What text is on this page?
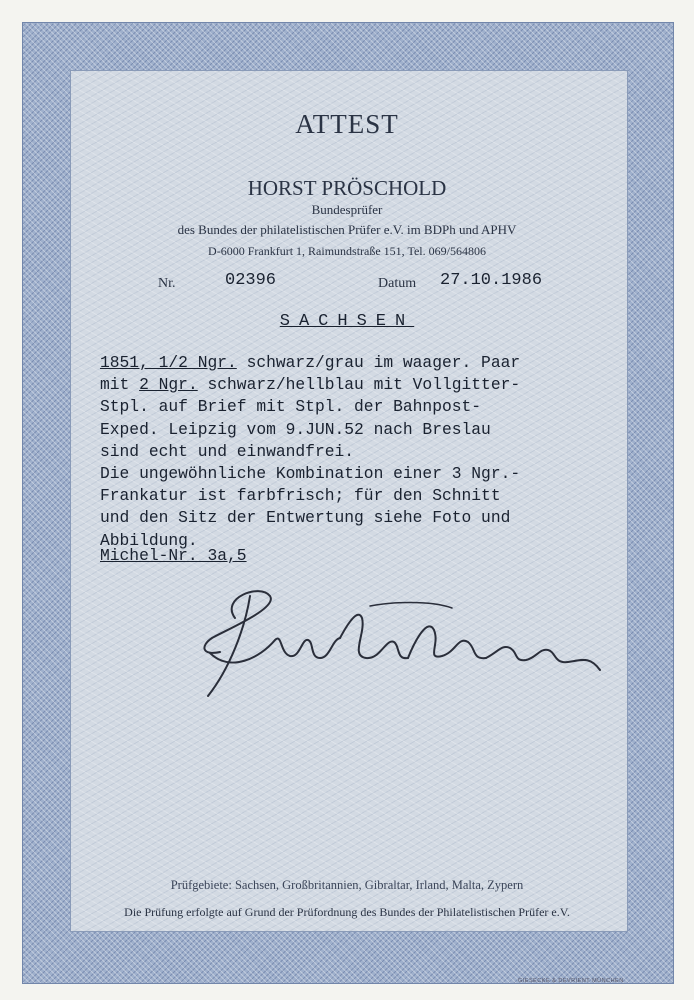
ATTEST
HORST PRÖSCHOLD
Bundesprüfer
des Bundes der philatelistischen Prüfer e.V. im BDPh und APHV
D-6000 Frankfurt 1, Raimundstraße 151, Tel. 069/564806
Nr.	02396	Datum 27.10.1986
SACHSEN
1851, 1/2 Ngr. schwarz/grau im waager. Paar
mit 2 Ngr. schwarz/hellblau mit Vollgitter-
Stpl. auf Brief mit Stpl. der Bahnpost-
Exped. Leipzig vom 9.JUN.52 nach Breslau
sind echt und einwandfrei.
Die ungewöhnliche Kombination einer 3 Ngr.-
Frankatur ist farbfrisch; für den Schnitt
und den Sitz der Entwertung siehe Foto und
Abbildung.
Michel-Nr. 3a,5
Prüfgebiete: Sachsen, Großbritannien, Gibraltar, Irland, Malta, Zypern
Die Prüfung erfolgte auf Grund der Prüfordnung des Bundes der Philatelistischen Prüfer e.V.
GIESECKE & DEVRIENT MÜNCHEN
